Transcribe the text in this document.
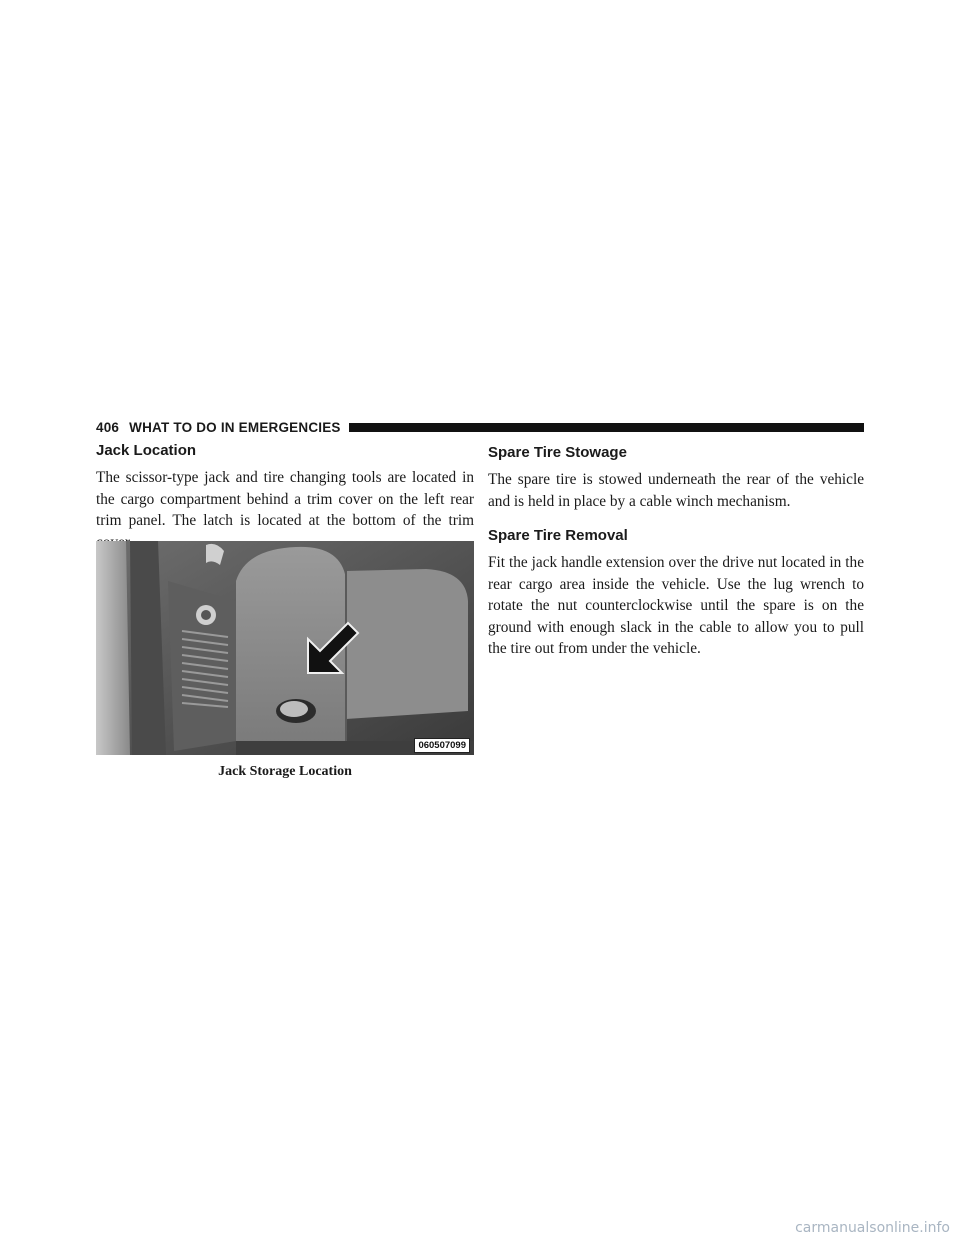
406 WHAT TO DO IN EMERGENCIES
Jack Location

The scissor-type jack and tire changing tools are located in the cargo compartment behind a trim cover on the left rear trim panel. The latch is located at the bottom of the trim

060507099
Jack Storage Location
Spare Tire Stowage

The spare tire is stowed underneath the rear of the vehicle and is held in place by a cable winch mechanism.

Spare Tire Removal

Fit the jack handle extension over the drive nut located in the rear cargo area inside the vehicle. Use the lug wrench to rotate the nut counterclockwise until the spare is on the ground with enough slack in the cable to allow you to pull the tire out from under the vehicle.

carmanualsonline.info
